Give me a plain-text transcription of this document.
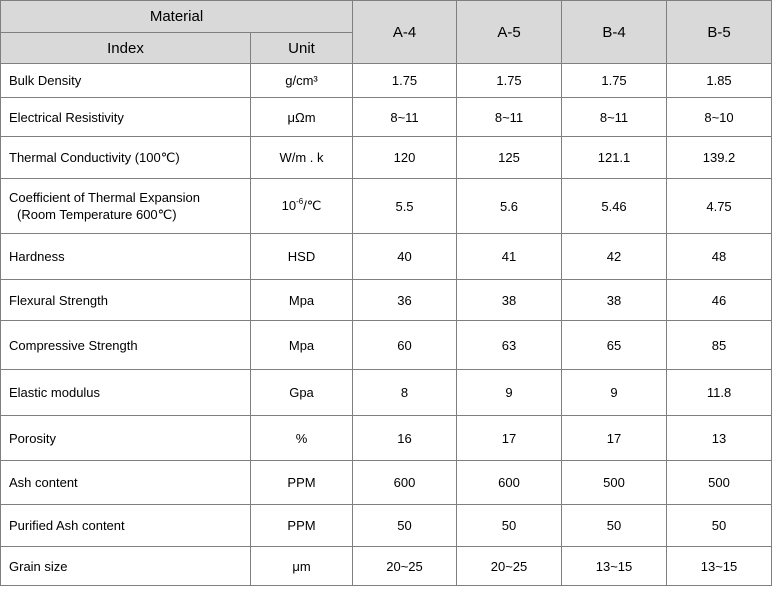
Material		A-4	A-5	B-4	B-5
Index	Unit				
Bulk Density	g/cm³	1.75	1.75	1.75	1.85
Electrical Resistivity	μΩm	8~11	8~11	8~11	8~10
Thermal Conductivity (100℃)	W/m . k	120	125	121.1	139.2
Coefficient of Thermal Expansion
(Room Temperature 600℃)	$10^{-6}/℃$	5.5	5.6	5.46	4.75
Hardness	HSD	40	41	42	48
Flexural Strength	Mpa	36	38	38	46
Compressive Strength	Mpa	60	63	65	85
Elastic modulus	Gpa	8	9	9	11.8
Porosity	%	16	17	17	13
Ash content	PPM	600	600	500	500
Purified Ash content	PPM	50	50	50	50
Grain size	μm	20~25	20~25	13~15	13~15
